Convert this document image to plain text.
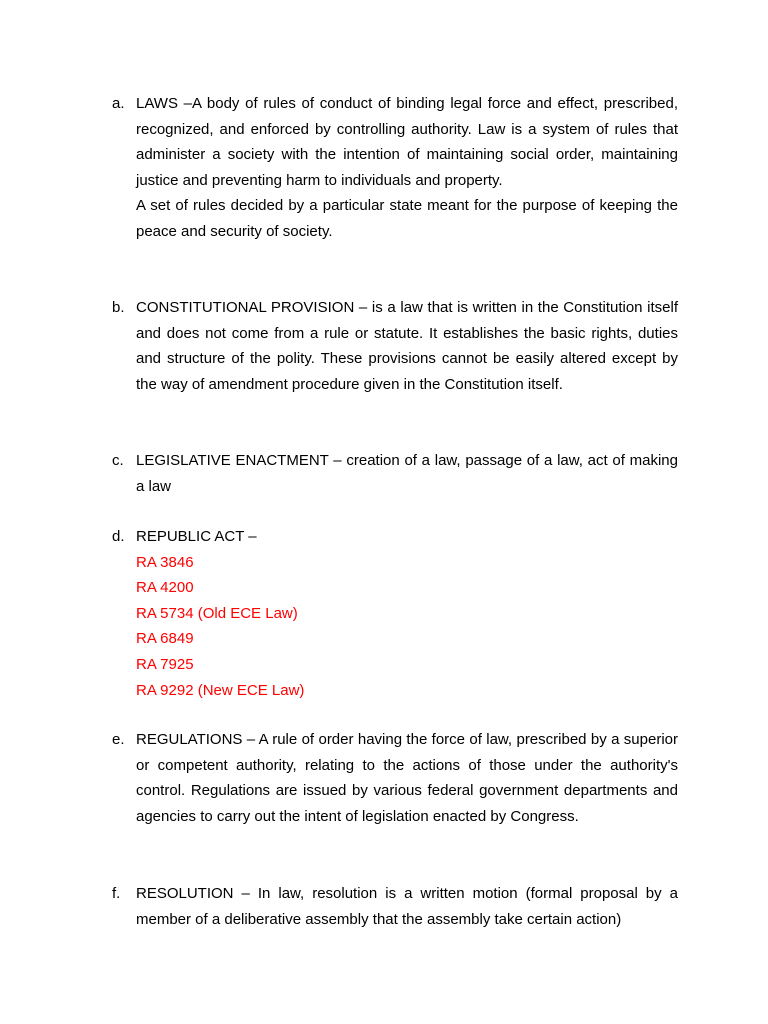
a. LAWS –A body of rules of conduct of binding legal force and effect, prescribed, recognized, and enforced by controlling authority. Law is a system of rules that administer a society with the intention of maintaining social order, maintaining justice and preventing harm to individuals and property.

A set of rules decided by a particular state meant for the purpose of keeping the peace and security of society.

b. CONSTITUTIONAL PROVISION – is a law that is written in the Constitution itself and does not come from a rule or statute. It establishes the basic rights, duties and structure of the polity. These provisions cannot be easily altered except by the way of amendment procedure given in the Constitution itself.

c. LEGISLATIVE ENACTMENT – creation of a law, passage of a law, act of making a law

d. REPUBLIC ACT –

RA 3846
RA 4200
RA 5734 (Old ECE Law)
RA 6849
RA 7925
RA 9292 (New ECE Law)
e. REGULATIONS – A rule of order having the force of law, prescribed by a superior or competent authority, relating to the actions of those under the authority's control. Regulations are issued by various federal government departments and agencies to carry out the intent of legislation enacted by Congress.

f. RESOLUTION – In law, resolution is a written motion (formal proposal by a member of a deliberative assembly that the assembly take certain action)
